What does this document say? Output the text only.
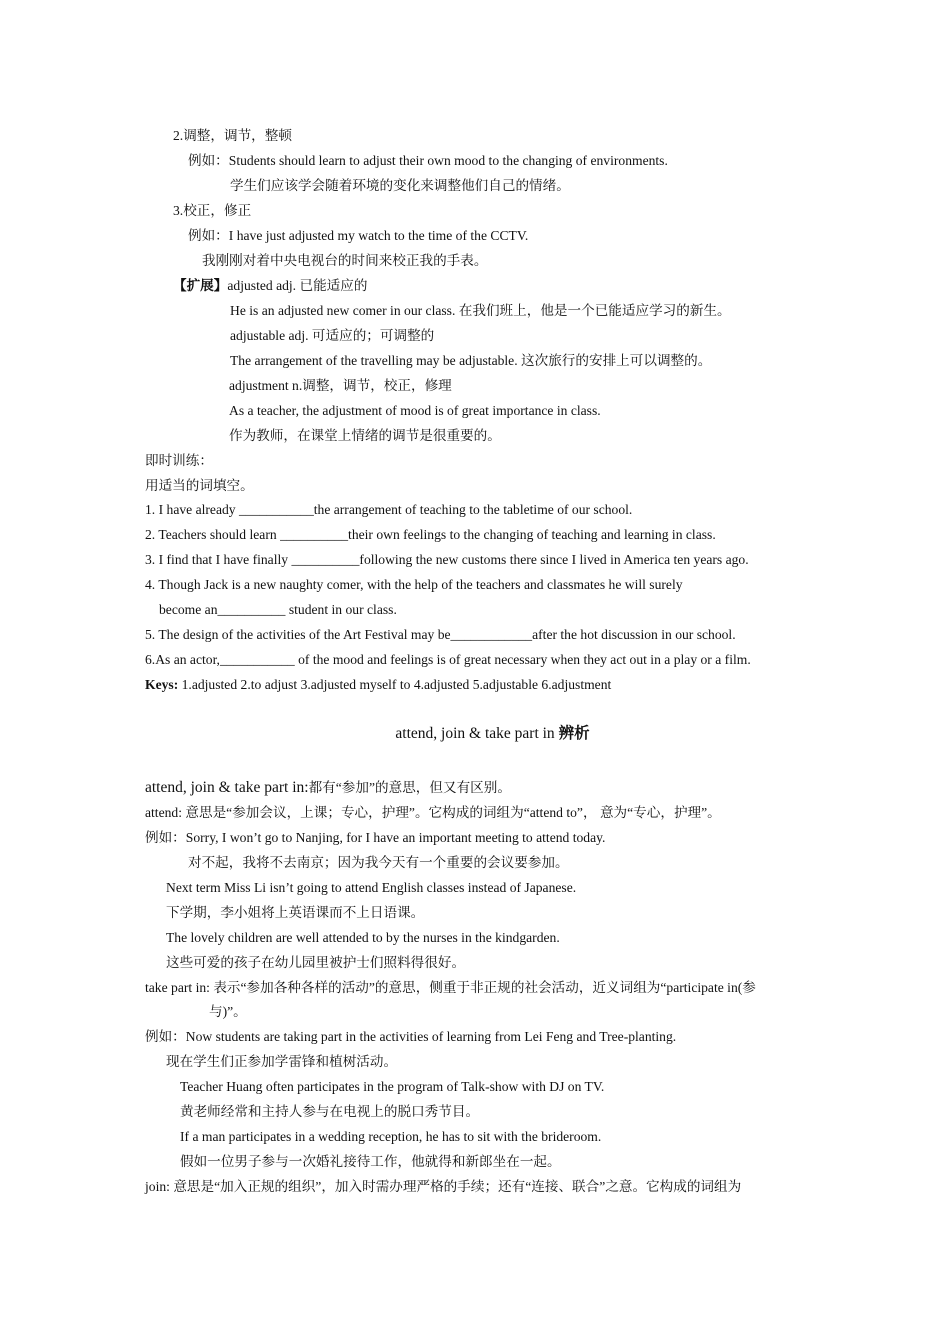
2.调整，调节，整顿
例如：Students should learn to adjust their own mood to the changing of environments.
学生们应该学会随着环境的变化来调整他们自己的情绪。
3.校正，修正
例如：I have just adjusted my watch to the time of the CCTV.
我刚刚对着中央电视台的时间来校正我的手表。
【扩展】adjusted adj. 已能适应的
He is an adjusted new comer in our class. 在我们班上，他是一个已能适应学习的新生。
adjustable adj. 可适应的；可调整的
The arrangement of the travelling may be adjustable. 这次旅行的安排上可以调整的。
adjustment n.调整，调节，校正，修理
As a teacher, the adjustment of mood is of great importance in class.
作为教师，在课堂上情绪的调节是很重要的。
即时训练：
用适当的词填空。
1. I have already ___________the arrangement of teaching to the tabletime of our school.
2. Teachers should learn __________their own feelings to the changing of teaching and learning in class.
3. I find that I have finally __________following the new customs there since I lived in America ten years ago.
4. Though Jack is a new naughty comer, with the help of the teachers and classmates he will surely
become an__________ student in our class.
5. The design of the activities of the Art Festival may be____________after the hot discussion in our school.
6.As an actor,___________ of the mood and feelings is of great necessary when they act out in a play or a film.
Keys: 1.adjusted 2.to adjust 3.adjusted myself to 4.adjusted 5.adjustable 6.adjustment
attend, join & take part in 辨析
attend, join & take part in:都有“参加”的意思，但又有区别。
attend: 意思是“参加会议，上课；专心，护理”。它构成的词组为“attend to”， 意为“专心，护理”。
例如：Sorry, I won’t go to Nanjing, for I have an important meeting to attend today.
对不起，我将不去南京；因为我今天有一个重要的会议要参加。
Next term Miss Li isn’t going to attend English classes instead of Japanese.
下学期，李小姐将上英语课而不上日语课。
The lovely children are well attended to by the nurses in the kindgarden.
这些可爱的孩子在幼儿园里被护士们照料得很好。
take part in: 表示“参加各种各样的活动”的意思，侧重于非正规的社会活动，近义词组为“participate in(参
与)”。
例如：Now students are taking part in the activities of learning from Lei Feng and Tree-planting.
现在学生们正参加学雷锋和植树活动。
Teacher Huang often participates in the program of Talk-show with DJ on TV.
黄老师经常和主持人参与在电视上的脱口秀节目。
If a man participates in a wedding reception, he has to sit with the brideroom.
假如一位男子参与一次婚礼接待工作，他就得和新郎坐在一起。
join: 意思是“加入正规的组织”，加入时需办理严格的手续；还有“连接、联合”之意。它构成的词组为
